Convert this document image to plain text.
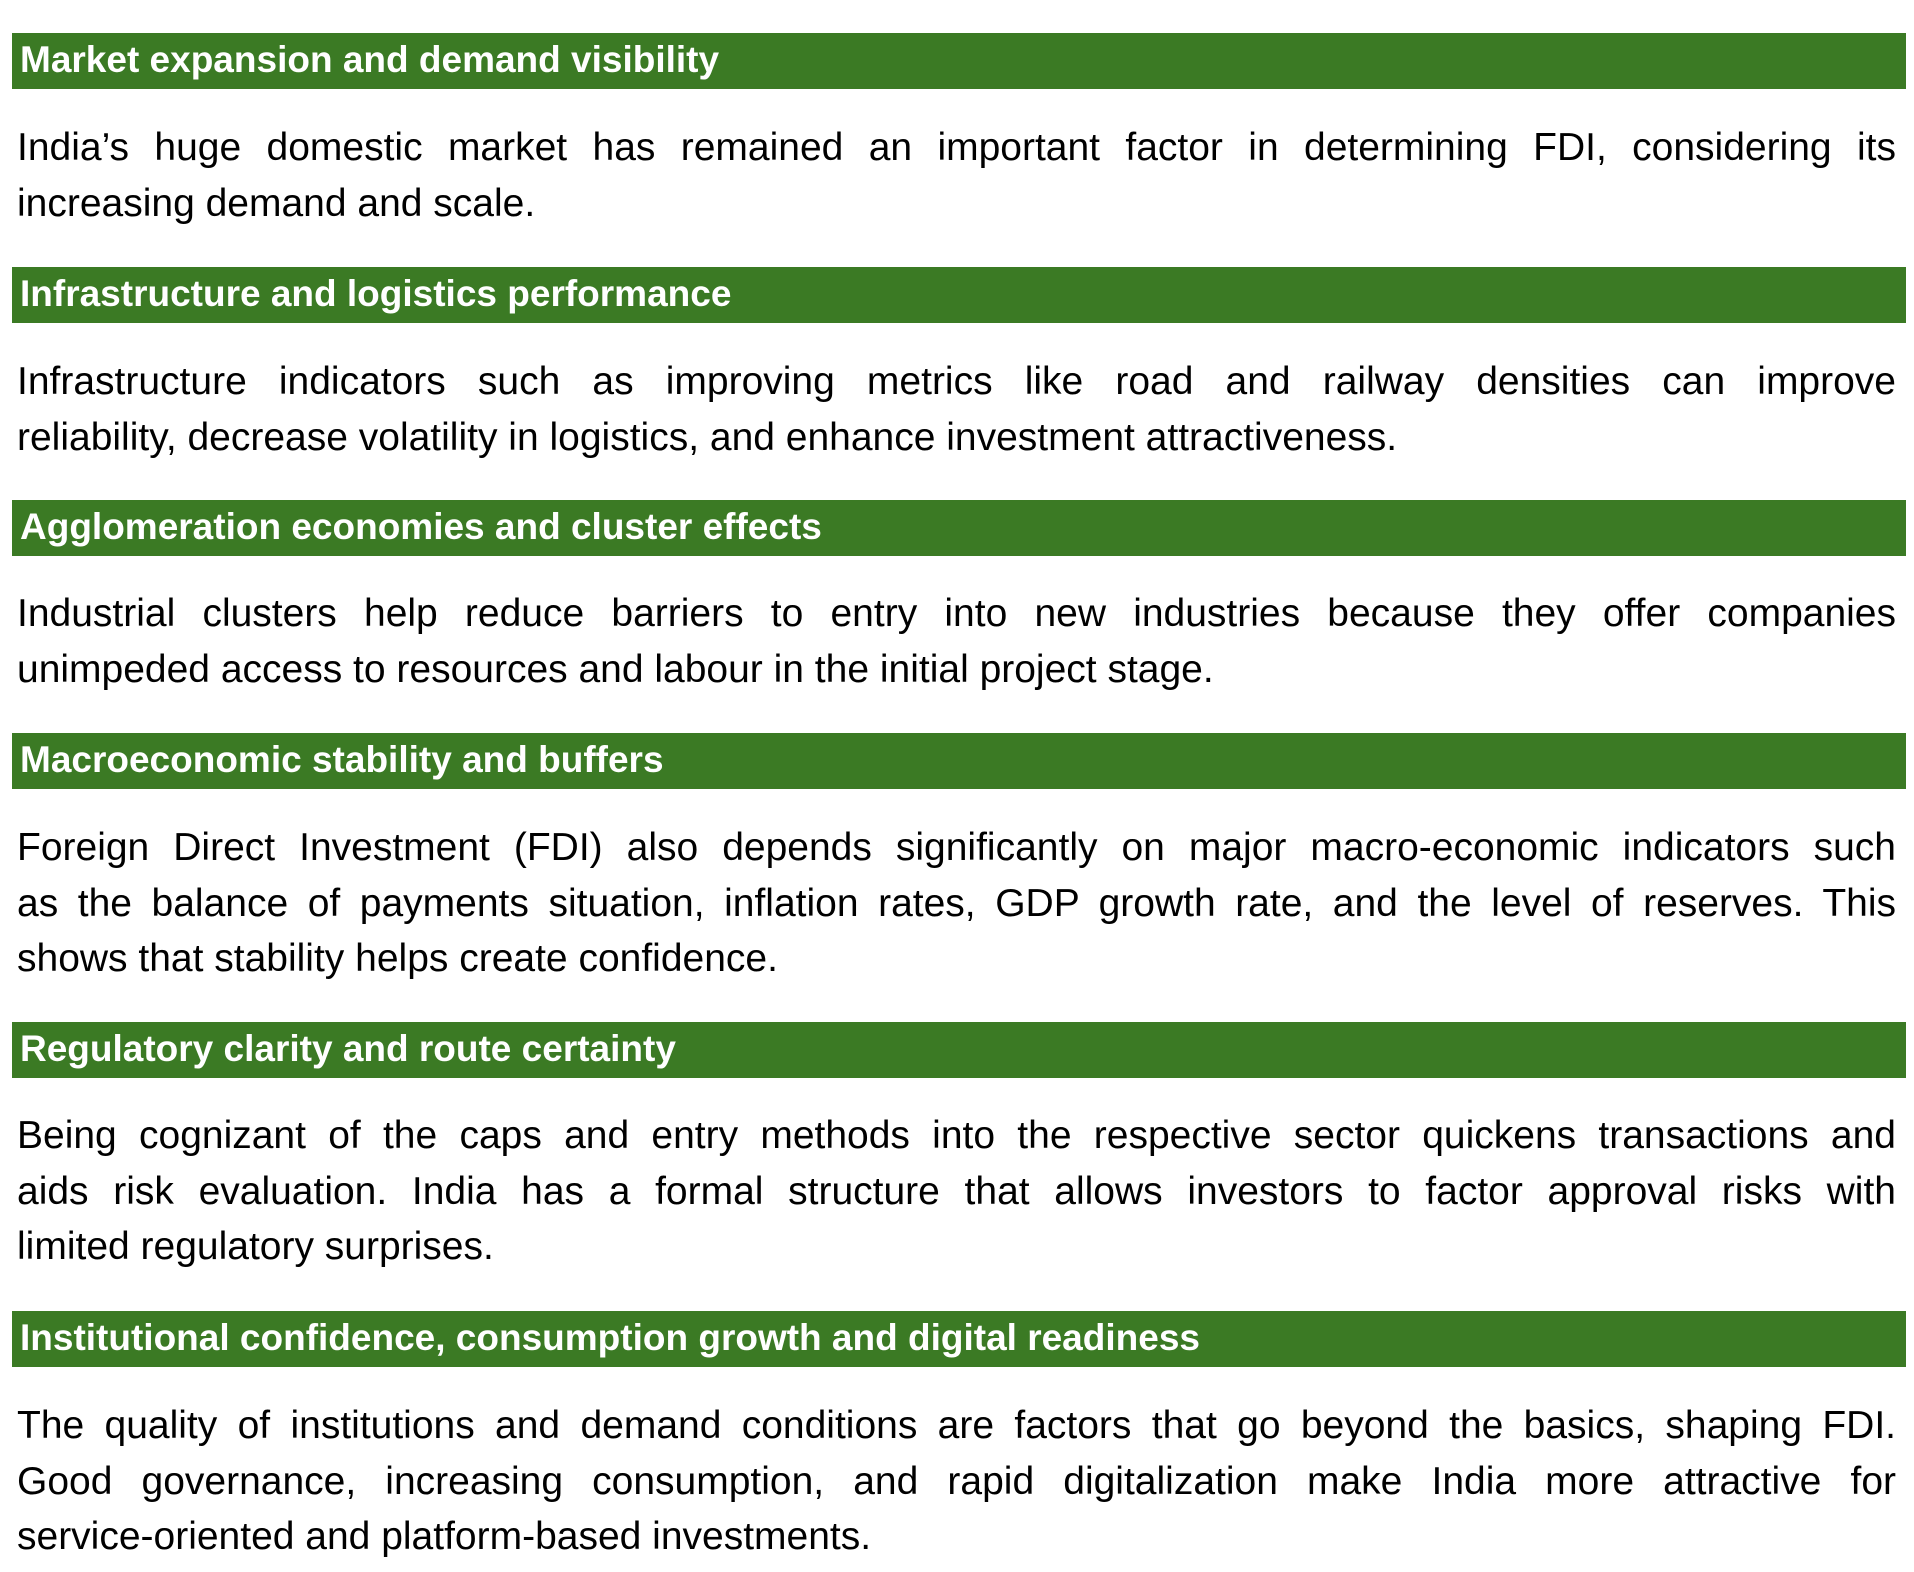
Market expansion and demand visibility
India’s huge domestic market has remained an important factor in determining FDI, considering its
increasing demand and scale.
Infrastructure and logistics performance
Infrastructure indicators such as improving metrics like road and railway densities can improve
reliability, decrease volatility in logistics, and enhance investment attractiveness.
Agglomeration economies and cluster effects
Industrial clusters help reduce barriers to entry into new industries because they offer companies
unimpeded access to resources and labour in the initial project stage.
Macroeconomic stability and buffers
Foreign Direct Investment (FDI) also depends significantly on major macro-economic indicators such
as the balance of payments situation, inflation rates, GDP growth rate, and the level of reserves. This
shows that stability helps create confidence.
Regulatory clarity and route certainty
Being cognizant of the caps and entry methods into the respective sector quickens transactions and
aids risk evaluation. India has a formal structure that allows investors to factor approval risks with
limited regulatory surprises.
Institutional confidence, consumption growth and digital readiness
The quality of institutions and demand conditions are factors that go beyond the basics, shaping FDI.
Good governance, increasing consumption, and rapid digitalization make India more attractive for
service-oriented and platform-based investments.
